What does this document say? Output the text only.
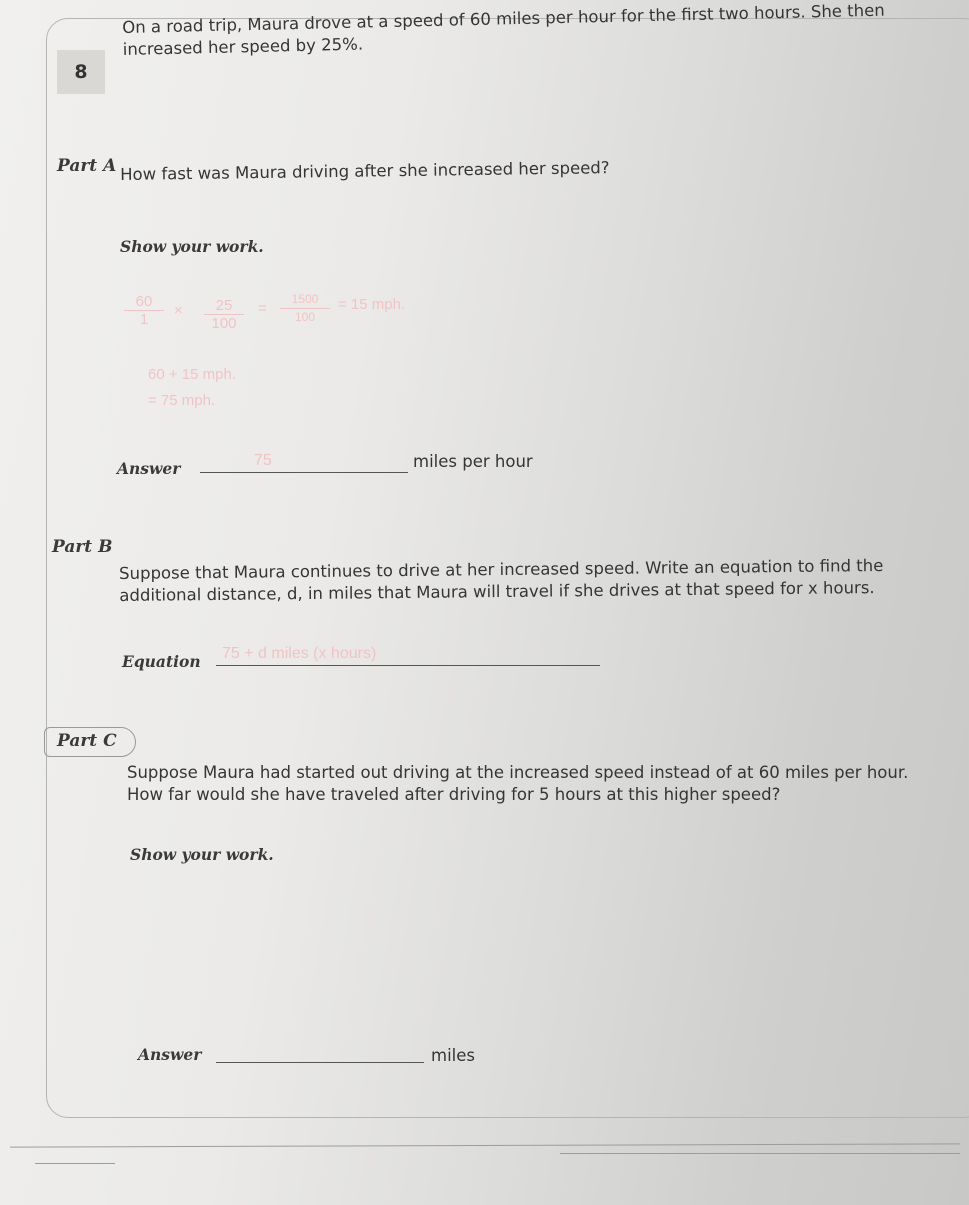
8
On a road trip, Maura drove at a speed of 60 miles per hour for the first two hours. She then
increased her speed by 25%.
Part A How fast was Maura driving after she increased her speed?
Show your work.
60
1
×	25
100
=
1500
100
= 15 mph.
60 + 15 mph.
= 75 mph.
Answer	75	miles per hour
Part B
Suppose that Maura continues to drive at her increased speed. Write an equation to find the
additional distance, d, in miles that Maura will travel if she drives at that speed for x hours.
Equation 75 + d miles (x hours)
Part C
Suppose Maura had started out driving at the increased speed instead of at 60 miles per hour.
How far would she have traveled after driving for 5 hours at this higher speed?
Show your work.
Answer	miles
